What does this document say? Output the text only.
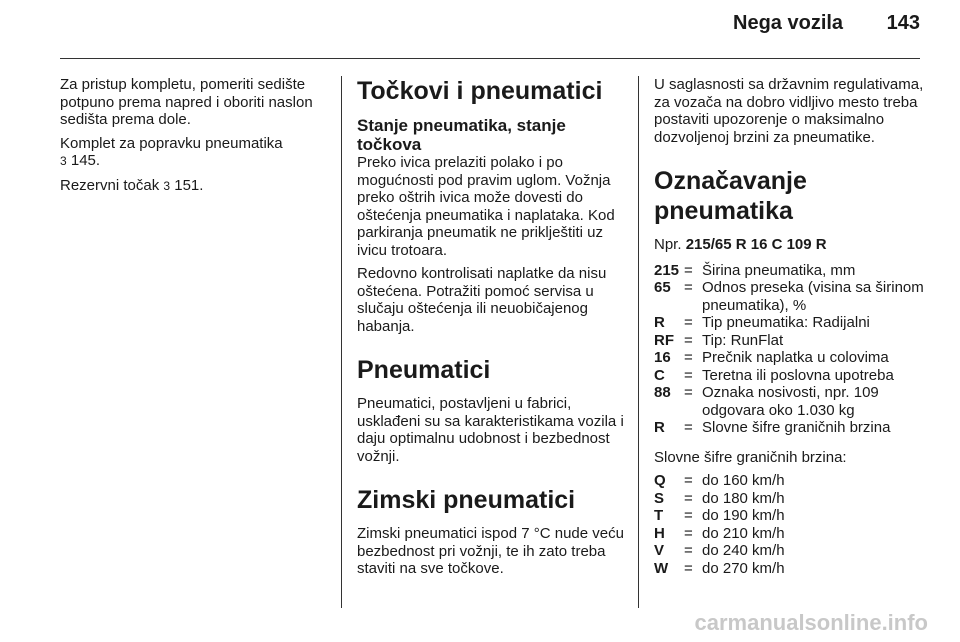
Nega vozila 143

Za pristup kompletu, pomeriti sedište potpuno prema napred i oboriti naslon sedišta prema dole.

Komplet za popravku pneumatika
3 145.

Rezervni točak 3 151.

Točkovi i pneumatici
Stanje pneumatika, stanje točkova

Preko ivica prelaziti polako i po mogućnosti pod pravim uglom. Vožnja preko oštrih ivica može dovesti do oštećenja pneumatika i naplataka. Kod parkiranja pneumatik ne priklještiti uz ivicu trotoara.

Redovno kontrolisati naplatke da nisu oštećena. Potražiti pomoć servisa u slučaju oštećenja ili neuobičajenog habanja.

Pneumatici

Pneumatici, postavljeni u fabrici, usklađeni su sa karakteristikama vozila i daju optimalnu udobnost i bezbednost vožnji.

Zimski pneumatici

Zimski pneumatici ispod 7 °C nude veću bezbednost pri vožnji, te ih zato treba staviti na sve točkove.

U saglasnosti sa državnim regulativama, za vozača na dobro vidljivo mesto treba postaviti upozorenje o maksimalno dozvoljenoj brzini za pneumatike.

Označavanje pneumatika
Npr. 215/65 R 16 C 109 R
215 = Širina pneumatika, mm
65 = Odnos preseka (visina sa širinom pneumatika), %
R	= Tip pneumatika: Radijalni
RF = Tip: RunFlat
16 = Prečnik naplatka u colovima
C	= Teretna ili poslovna upotreba
88 = Oznaka nosivosti, npr. 109 odgovara oko 1.030 kg
R	= Slovne šifre graničnih brzina

Slovne šifre graničnih brzina:

Q	= do 160 km/h
S	= do 180 km/h
T	= do 190 km/h
H	= do 210 km/h
V	= do 240 km/h
W	= do 270 km/h
carmanualsonline.info
